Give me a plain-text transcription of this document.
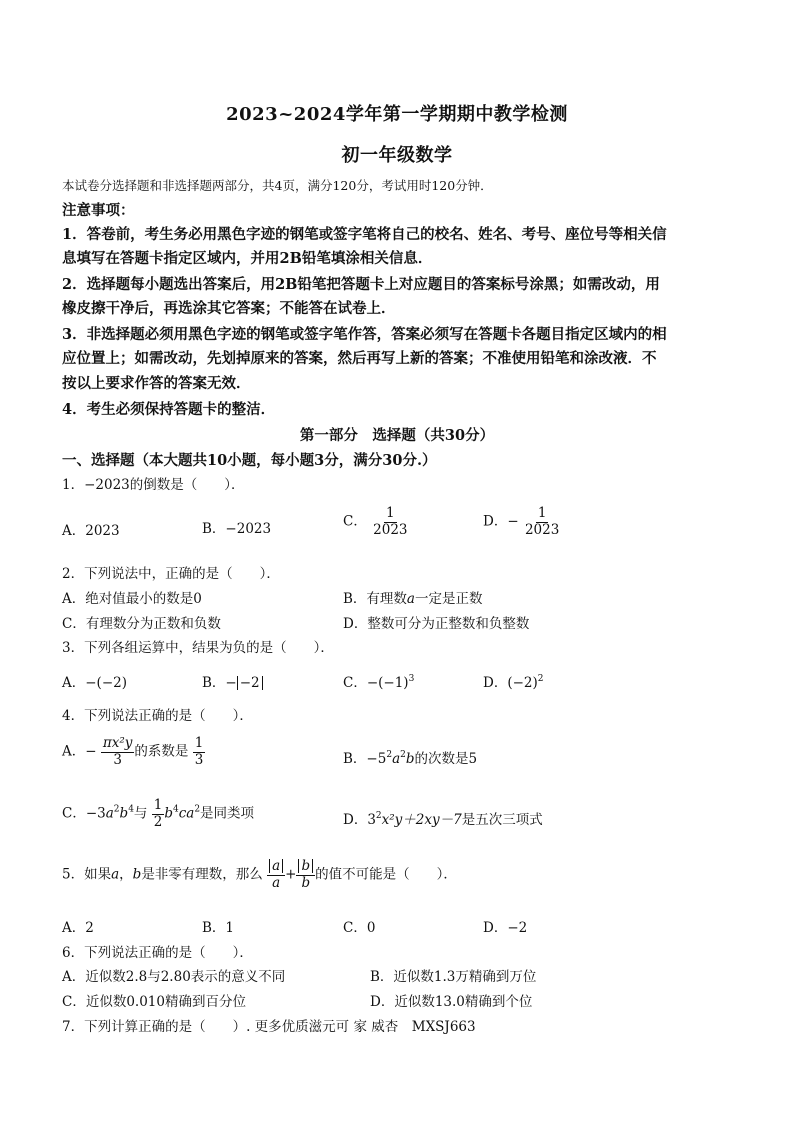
2023~2024学年第一学期期中教学检测
初一年级数学
本试卷分选择题和非选择题两部分，共4页，满分120分，考试用时120分钟．
注意事项：
1．答卷前，考生务必用黑色字迹的钢笔或签字笔将自己的校名、姓名、考号、座位号等相关信
息填写在答题卡指定区域内，并用2B铅笔填涂相关信息．
2．选择题每小题选出答案后，用2B铅笔把答题卡上对应题目的答案标号涂黑；如需改动，用
橡皮擦干净后，再选涂其它答案；不能答在试卷上．
3．非选择题必须用黑色字迹的钢笔或签字笔作答，答案必须写在答题卡各题目指定区域内的相
应位置上；如需改动，先划掉原来的答案，然后再写上新的答案；不准使用铅笔和涂改液．不
按以上要求作答的答案无效．
4．考生必须保持答题卡的整洁．
第一部分　选择题（共30分）
一、选择题（本大题共10小题，每小题3分，满分30分.）
1．−2023的倒数是（　　）．
A．2023	B．−2023	C． $\frac{1}{2023}$	D．− $\frac{1}{2023}$
2．下列说法中，正确的是（　　）．
A．绝对值最小的数是0	B．有理数a一定是正数
C．有理数分为正数和负数	D．整数可分为正整数和负整数
3．下列各组运算中，结果为负的是（　　）．
A．−(−2)	B．− −2	C．$-(-1)^3$	D．$(-2)^2$
4．下列说法正确的是（　　）．
A．− $\frac{\text{πx²y}}{3}$ 的系数是 $\frac{1}{3}$	B．$-5^2a^2b$的次数是5
C．$-3a^2b^4$与 $\frac{1}{2} b^4ca^2$是同类项	D．$3^2x^2y+2xy-7$是五次三项式
5．如果a，b是非零有理数，那么 $\frac{a}{a} + \frac{b}{b}$ 的值不可能是（　　）．
A．2	B．1	C．0	D．−2
6．下列说法正确的是（　　）．
A．近似数2.8与2.80表示的意义不同	B．近似数1.3万精确到万位
C．近似数0.010精确到百分位	D．近似数13.0精确到个位
7．下列计算正确的是（　　）. 更多优质滋元可 家 威杏　MXSJ663
